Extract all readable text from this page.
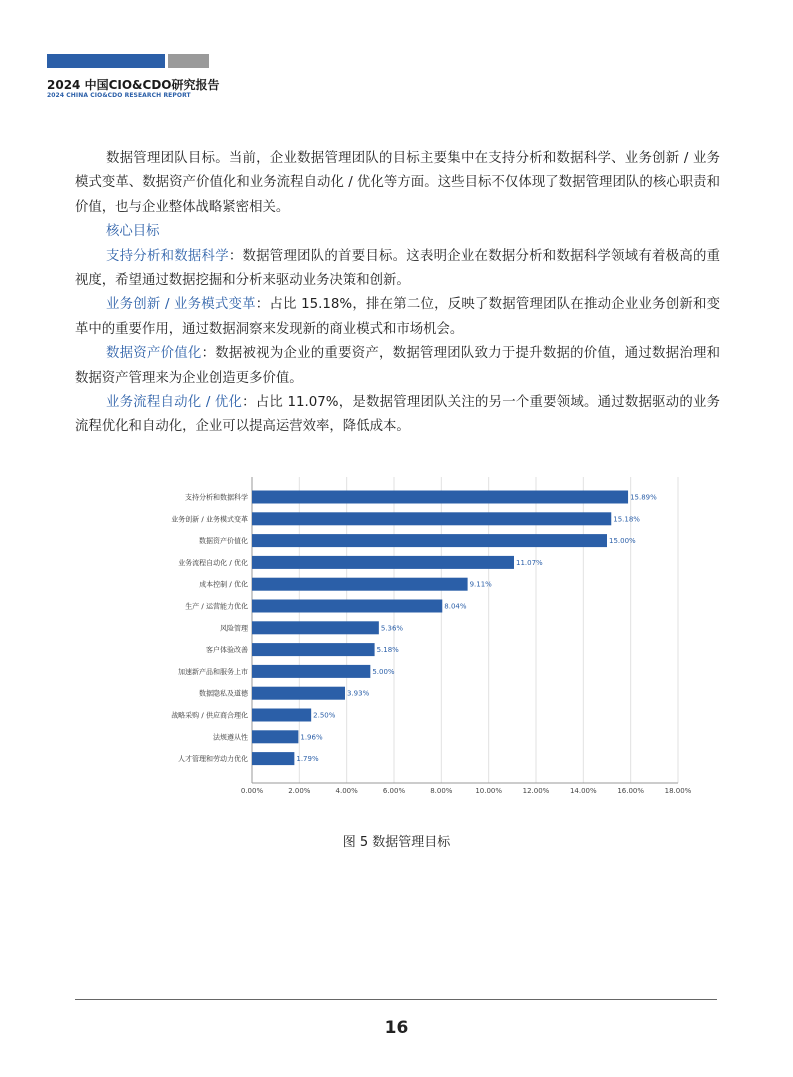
2024 中国CIO&CDO研究报告
2024 CHINA CIO&CDO RESEARCH REPORT

数据管理团队目标。当前，企业数据管理团队的目标主要集中在支持分析和数据科学、业务创新 / 业务模式变革、数据资产价值化和业务流程自动化 / 优化等方面。这些目标不仅体现了数据管理团队的核心职责和价值，也与企业整体战略紧密相关。

核心目标

支持分析和数据科学：数据管理团队的首要目标。这表明企业在数据分析和数据科学领域有着极高的重视度，希望通过数据挖掘和分析来驱动业务决策和创新。

业务创新 / 业务模式变革：占比 15.18%，排在第二位，反映了数据管理团队在推动企业业务创新和变革中的重要作用，通过数据洞察来发现新的商业模式和市场机会。

数据资产价值化：数据被视为企业的重要资产，数据管理团队致力于提升数据的价值，通过数据治理和数据资产管理来为企业创造更多价值。

业务流程自动化 / 优化：占比 11.07%，是数据管理团队关注的另一个重要领域。通过数据驱动的业务流程优化和自动化，企业可以提高运营效率，降低成本。

0.00%	2.00%	4.00%	6.00%	8.00%	10.00%	12.00%	14.00%	16.00%	18.00%
支持分析和数据科学	15.89%
业务创新 / 业务模式变革	15.18%
数据资产价值化	15.00%
业务流程自动化 / 优化	11.07%
成本控制 / 优化	9.11%
生产 / 运营能力优化	8.04%
风险管理	5.36%
客户体验改善	5.18%
加速新产品和服务上市	5.00%
数据隐私及道德	3.93%
战略采购 / 供应商合理化	2.50%
法规遵从性	1.96%
人才管理和劳动力优化	1.79%
图 5 数据管理目标
16
